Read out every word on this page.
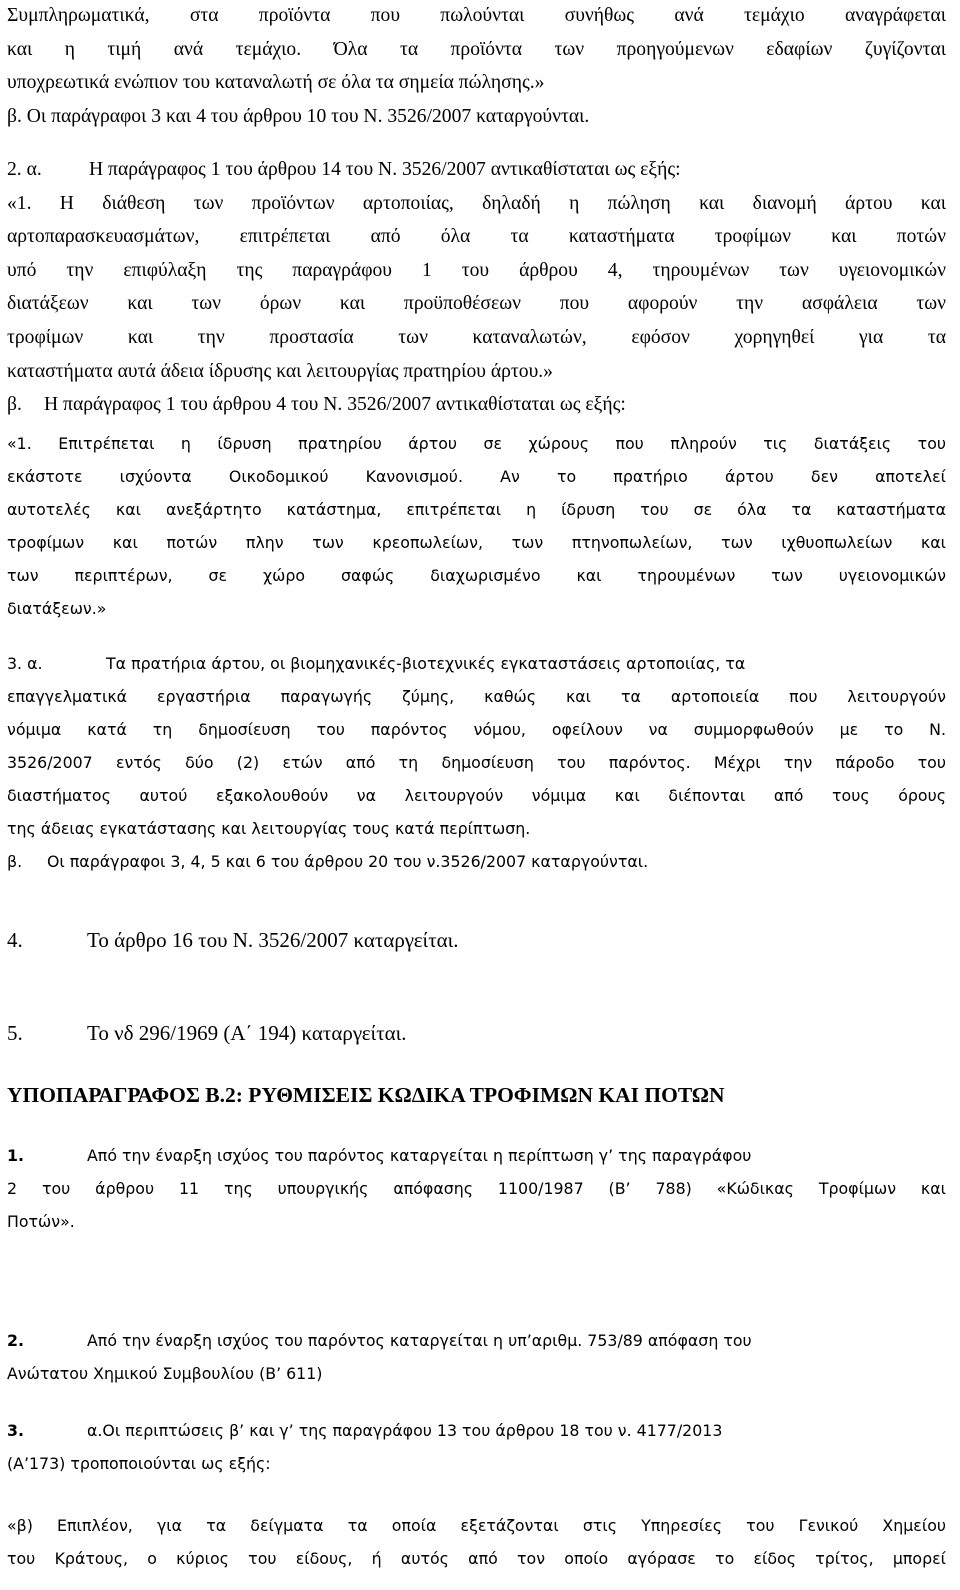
Συμπληρωματικά, στα προϊόντα που πωλούνται συνήθως ανά τεμάχιο αναγράφεται
και η τιμή ανά τεμάχιο. Όλα τα προϊόντα των προηγούμενων εδαφίων ζυγίζονται
υποχρεωτικά ενώπιον του καταναλωτή σε όλα τα σημεία πώλησης.»
β. Οι παράγραφοι 3 και 4 του άρθρου 10 του Ν. 3526/2007 καταργούνται.
2. α. Η παράγραφος 1 του άρθρου 14 του Ν. 3526/2007 αντικαθίσταται ως εξής:
«1. Η διάθεση των προϊόντων αρτοποιίας, δηλαδή η πώληση και διανομή άρτου και
αρτοπαρασκευασμάτων, επιτρέπεται από όλα τα καταστήματα τροφίμων και ποτών
υπό την επιφύλαξη της παραγράφου 1 του άρθρου 4, τηρουμένων των υγειονομικών
διατάξεων και των όρων και προϋποθέσεων που αφορούν την ασφάλεια των
τροφίμων και την προστασία των καταναλωτών, εφόσον χορηγηθεί για τα
καταστήματα αυτά άδεια ίδρυσης και λειτουργίας πρατηρίου άρτου.»
β. Η παράγραφος 1 του άρθρου 4 του Ν. 3526/2007 αντικαθίσταται ως εξής:
«1. Επιτρέπεται η ίδρυση πρατηρίου άρτου σε χώρους που πληρούν τις διατάξεις του
εκάστοτε ισχύοντα Οικοδομικού Κανονισμού. Αν το πρατήριο άρτου δεν αποτελεί
αυτοτελές και ανεξάρτητο κατάστημα, επιτρέπεται η ίδρυση του σε όλα τα καταστήματα
τροφίμων και ποτών πλην των κρεοπωλείων, των πτηνοπωλείων, των ιχθυοπωλείων και
των περιπτέρων, σε χώρο σαφώς διαχωρισμένο και τηρουμένων των υγειονομικών
διατάξεων.»
3. α.	Τα πρατήρια άρτου, οι βιομηχανικές-βιοτεχνικές εγκαταστάσεις αρτοποιίας, τα
επαγγελματικά εργαστήρια παραγωγής ζύμης, καθώς και τα αρτοποιεία που λειτουργούν
νόμιμα κατά τη δημοσίευση του παρόντος νόμου, οφείλουν να συμμορφωθούν με το Ν.
3526/2007 εντός δύο (2) ετών από τη δημοσίευση του παρόντος. Μέχρι την πάροδο του
διαστήματος αυτού εξακολουθούν να λειτουργούν νόμιμα και διέπονται από τους όρους
της άδειας εγκατάστασης και λειτουργίας τους κατά περίπτωση.
β. Οι παράγραφοι 3, 4, 5 και 6 του άρθρου 20 του ν.3526/2007 καταργούνται.
4.	Το άρθρο 16 του Ν. 3526/2007 καταργείται.
5.	Το νδ 296/1969 (Α΄ 194) καταργείται.
ΥΠΟΠΑΡΑΓΡΑΦΟΣ Β.2: ΡΥΘΜΙΣΕΙΣ ΚΩΔΙΚΑ ΤΡΟΦΙΜΩΝ ΚΑΙ ΠΟΤΩΝ
1.	Από την έναρξη ισχύος του παρόντος καταργείται η περίπτωση γ’ της παραγράφου
2 του άρθρου 11 της υπουργικής απόφασης 1100/1987 (Β’ 788) «Κώδικας Τροφίμων και
Ποτών».
2.	Από την έναρξη ισχύος του παρόντος καταργείται η υπ’αριθμ. 753/89 απόφαση του
Ανώτατου Χημικού Συμβουλίου (Β’ 611)
3.	α.Οι περιπτώσεις β’ και γ’ της παραγράφου 13 του άρθρου 18 του ν. 4177/2013
(Α’173) τροποποιούνται ως εξής:
«β) Επιπλέον, για τα δείγματα τα οποία εξετάζονται στις Υπηρεσίες του Γενικού Χημείου
του Κράτους, ο κύριος του είδους, ή αυτός από τον οποίο αγόρασε το είδος τρίτος, μπορεί
